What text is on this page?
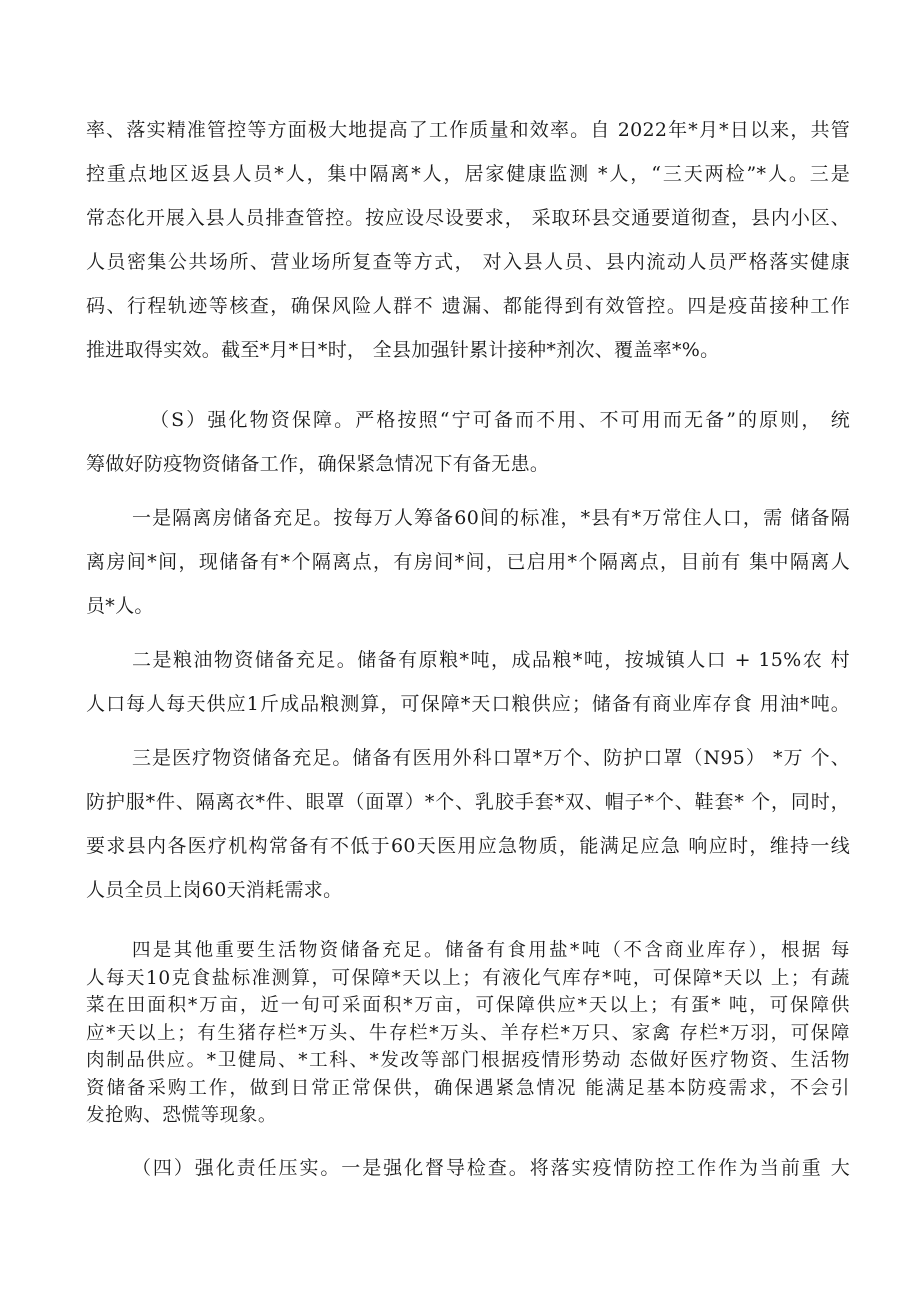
率、落实精准管控等方面极大地提高了工作质量和效率。自 2022年*月*日以来，共管
控重点地区返县人员*人，集中隔离*人，居家健康监测 *人，“三天两检”*人。三是
常态化开展入县人员排查管控。按应设尽设要求， 采取环县交通要道彻查，县内小区、
人员密集公共场所、营业场所复查等方式， 对入县人员、县内流动人员严格落实健康
码、行程轨迹等核查，确保风险人群不 遗漏、都能得到有效管控。四是疫苗接种工作
推进取得实效。截至*月*日*时， 全县加强针累计接种*剂次、覆盖率*%。
（S）强化物资保障。严格按照“宁可备而不用、不可用而无备”的原则， 统
筹做好防疫物资储备工作，确保紧急情况下有备无患。
一是隔离房储备充足。按每万人筹备60间的标准，*县有*万常住人口，需 储备隔
离房间*间，现储备有*个隔离点，有房间*间，已启用*个隔离点，目前有 集中隔离人
员*人。
二是粮油物资储备充足。储备有原粮*吨，成品粮*吨，按城镇人口 + 15%农 村
人口每人每天供应1斤成品粮测算，可保障*天口粮供应；储备有商业库存食 用油*吨。
三是医疗物资储备充足。储备有医用外科口罩*万个、防护口罩（N95） *万 个、
防护服*件、隔离衣*件、眼罩（面罩）*个、乳胶手套*双、帽子*个、鞋套* 个，同时，
要求县内各医疗机构常备有不低于60天医用应急物质，能满足应急 响应时，维持一线
人员全员上岗60天消耗需求。
四是其他重要生活物资储备充足。储备有食用盐*吨（不含商业库存），根据 每
人每天10克食盐标准测算，可保障*天以上；有液化气库存*吨，可保障*天以 上；有蔬
菜在田面积*万亩，近一旬可采面积*万亩，可保障供应*天以上；有蛋* 吨，可保障供
应*天以上；有生猪存栏*万头、牛存栏*万头、羊存栏*万只、家禽 存栏*万羽，可保障
肉制品供应。*卫健局、*工科、*发改等部门根据疫情形势动 态做好医疗物资、生活物
资储备采购工作，做到日常正常保供，确保遇紧急情况 能满足基本防疫需求，不会引
发抢购、恐慌等现象。
（四）强化责任压实。一是强化督导检查。将落实疫情防控工作作为当前重 大
